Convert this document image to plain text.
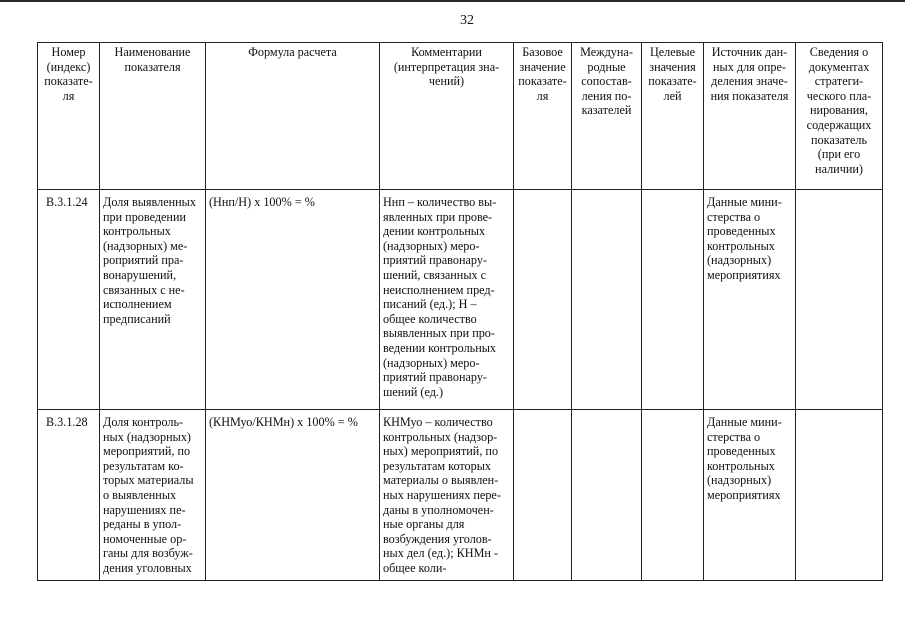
32
Номер (индекс) показате-ля	Наименование показателя	Формула расчета	Комментарии (интерпретация зна-чений)	Базовое значение показате-ля	Междуна-родные сопостав-ления по-казателей	Целевые значения показате-лей	Источник дан-ных для опре-деления значе-ния показателя	Сведения о документах стратеги-ческого пла-нирования, содержащих показатель (при его наличии)
В.3.1.24	Доля выявленных при проведении контрольных (надзорных) ме-роприятий пра-вонарушений, связанных с не-исполнением предписаний	(Ннп/Н) x 100% = %	Ннп – количество вы-явленных при прове-дении контрольных (надзорных) меро-приятий правонару-шений, связанных с неисполнением пред-писаний (ед.); Н – общее количество выявленных при про-ведении контрольных (надзорных) меро-приятий правонару-шений (ед.)				Данные мини-стерства о проведенных контрольных (надзорных) мероприятиях	
В.3.1.28	Доля контроль-ных (надзорных) мероприятий, по результатам ко-торых материалы о выявленных нарушениях пе-реданы в упол-номоченные ор-ганы для возбуж-дения уголовных	(КНМуо/КНМн) x 100% = %	КНМуо – количество контрольных (надзор-ных) мероприятий, по результатам которых материалы о выявлен-ных нарушениях пере-даны в уполномочен-ные органы для возбуждения уголов-ных дел (ед.); КНМн - общее коли-				Данные мини-стерства о проведенных контрольных (надзорных) мероприятиях	
